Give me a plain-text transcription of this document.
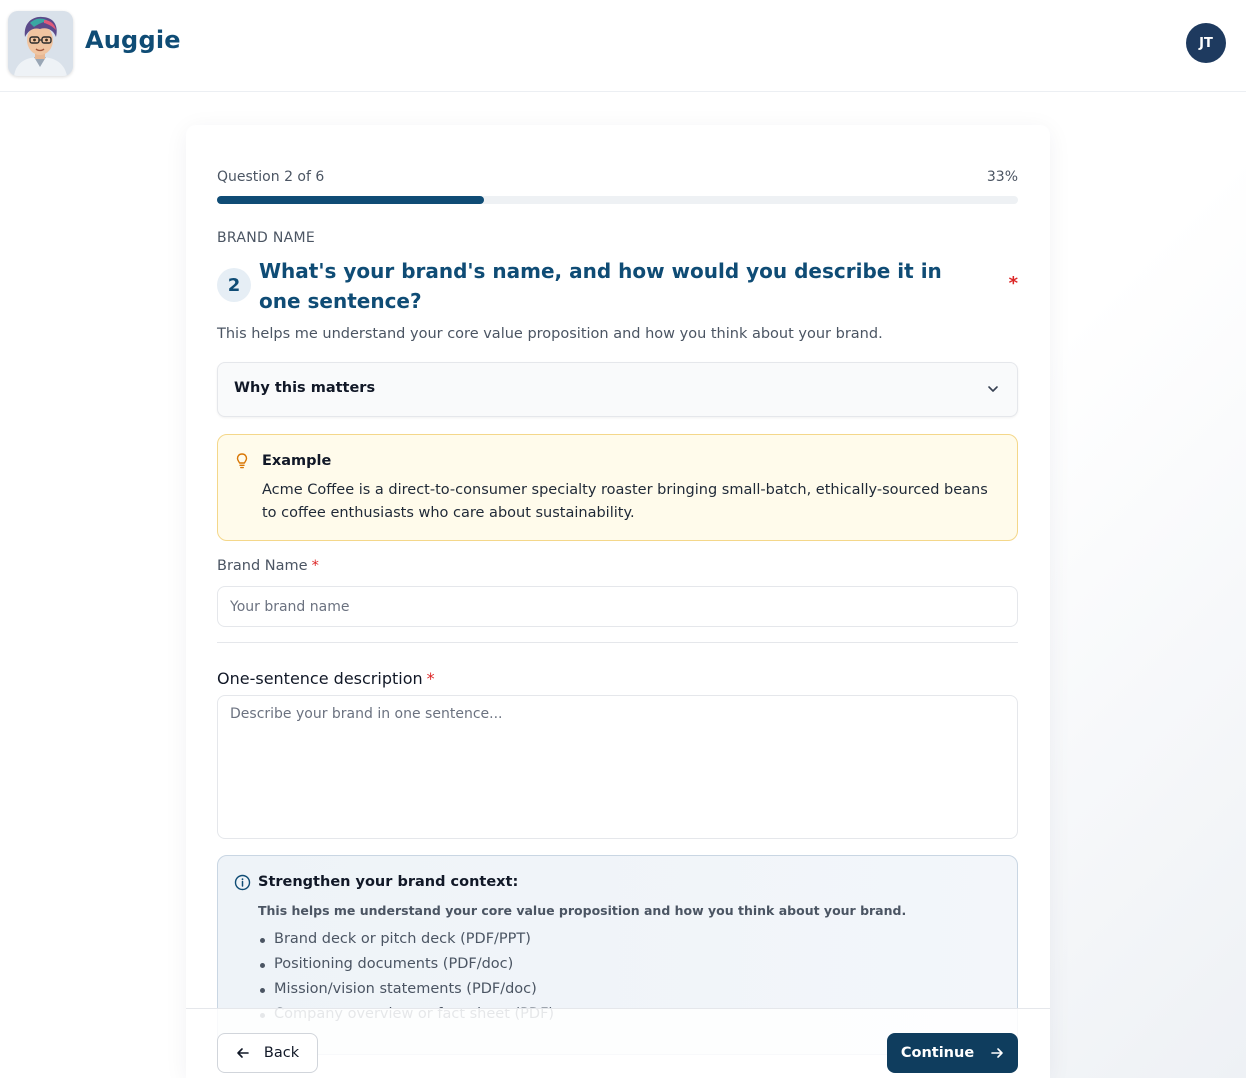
Auggie	JT
Question 2 of 6	33%
BRAND NAME
2
What's your brand's name, and how would you describe it in one sentence?
*
This helps me understand your core value proposition and how you think about your brand.
Why this matters
Example
Acme Coffee is a direct-to-consumer specialty roaster bringing small-batch, ethically-sourced beans to coffee enthusiasts who care about sustainability.
Brand Name *
Your brand name
One-sentence description *
Describe your brand in one sentence...
Strengthen your brand context:
This helps me understand your core value proposition and how you think about your brand.
Brand deck or pitch deck (PDF/PPT)
Positioning documents (PDF/doc)
Mission/vision statements (PDF/doc)
Back	Continue
